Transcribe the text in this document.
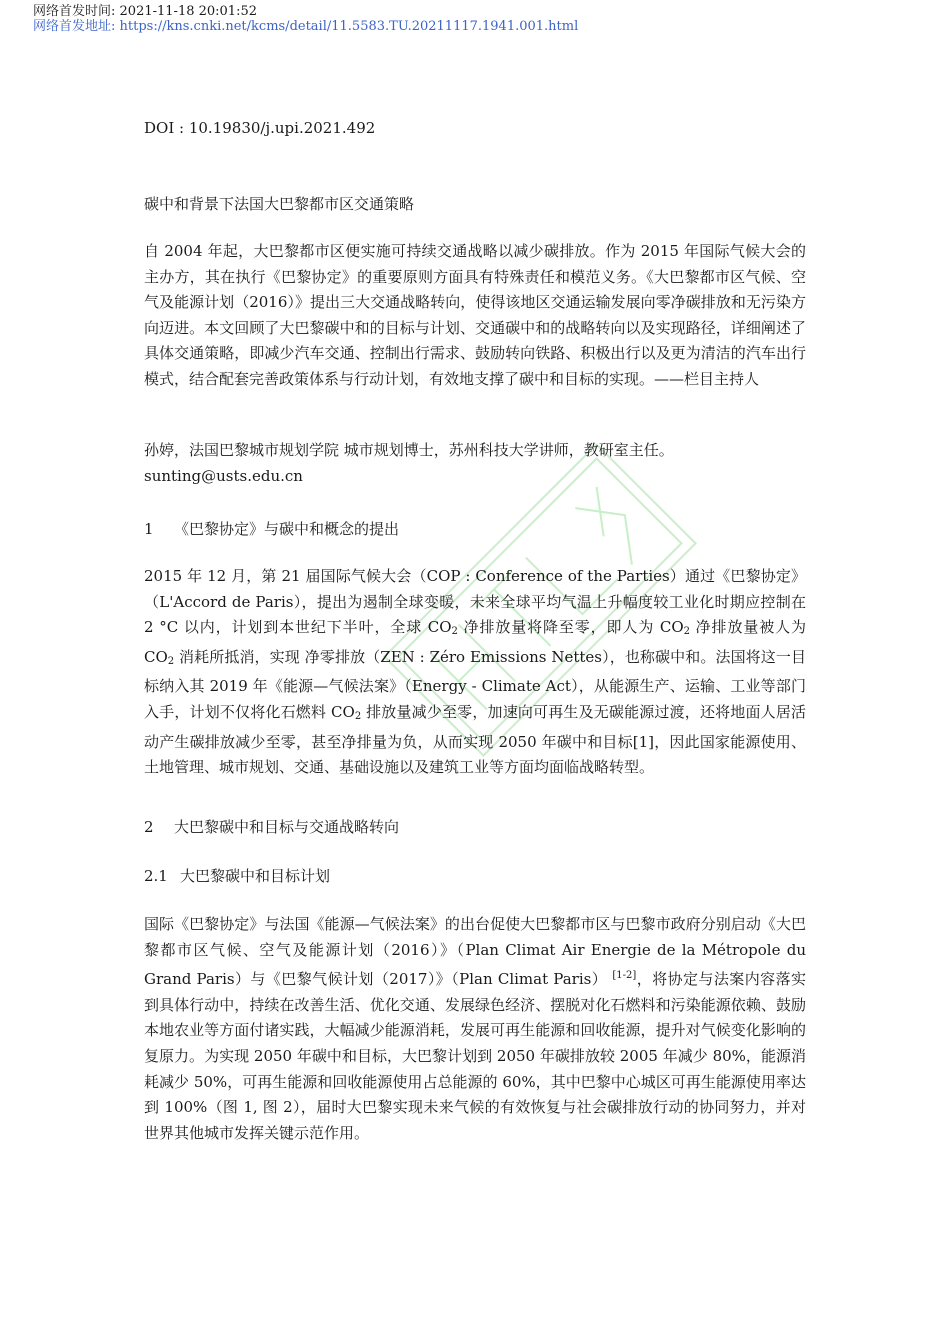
网络首发时间: 2021-11-18 20:01:52
网络首发地址: https://kns.cnki.net/kcms/detail/11.5583.TU.20211117.1941.001.html
DOI : 10.19830/j.upi.2021.492
碳中和背景下法国大巴黎都市区交通策略
自 2004 年起，大巴黎都市区便实施可持续交通战略以减少碳排放。作为 2015 年国际气候大会的主办方，其在执行《巴黎协定》的重要原则方面具有特殊责任和模范义务。《大巴黎都市区气候、空气及能源计划（2016）》提出三大交通战略转向，使得该地区交通运输发展向零净碳排放和无污染方向迈进。本文回顾了大巴黎碳中和的目标与计划、交通碳中和的战略转向以及实现路径，详细阐述了具体交通策略，即减少汽车交通、控制出行需求、鼓励转向铁路、积极出行以及更为清洁的汽车出行模式，结合配套完善政策体系与行动计划，有效地支撑了碳中和目标的实现。——栏目主持人
孙婷，法国巴黎城市规划学院 城市规划博士，苏州科技大学讲师，教研室主任。
sunting@usts.edu.cn
1 《巴黎协定》与碳中和概念的提出
2015 年 12 月，第 21 届国际气候大会（COP : Conference of the Parties）通过《巴黎协定》（L'Accord de Paris），提出为遏制全球变暖，未来全球平均气温上升幅度较工业化时期应控制在 2 °C 以内，计划到本世纪下半叶，全球 $CO_2$ 净排放量将降至零，即人为 $CO_2$ 净排放量被人为 $CO_2$ 消耗所抵消，实现 净零排放（ZEN : Zéro Emissions Nettes），也称碳中和。法国将这一目标纳入其 2019 年《能源—气候法案》（Energy - Climate Act），从能源生产、运输、工业等部门入手，计划不仅将化石燃料 $CO_2$ 排放量减少至零，加速向可再生及无碳能源过渡，还将地面人居活动产生碳排放减少至零，甚至净排量为负，从而实现 2050 年碳中和目标[1]，因此国家能源使用、土地管理、城市规划、交通、基础设施以及建筑工业等方面均面临战略转型。
2 大巴黎碳中和目标与交通战略转向
2.1 大巴黎碳中和目标计划
国际《巴黎协定》与法国《能源—气候法案》的出台促使大巴黎都市区与巴黎市政府分别启动《大巴黎都市区气候、空气及能源计划（2016）》（Plan Climat Air Energie de la Métropole du Grand Paris）与《巴黎气候计划（2017）》（Plan Climat Paris） [1-2]，将协定与法案内容落实到具体行动中，持续在改善生活、优化交通、发展绿色经济、摆脱对化石燃料和污染能源依赖、鼓励本地农业等方面付诸实践，大幅减少能源消耗，发展可再生能源和回收能源，提升对气候变化影响的复原力。为实现 2050 年碳中和目标，大巴黎计划到 2050 年碳排放较 2005 年减少 80%，能源消耗减少 50%，可再生能源和回收能源使用占总能源的 60%，其中巴黎中心城区可再生能源使用率达到 100%（图 1, 图 2），届时大巴黎实现未来气候的有效恢复与社会碳排放行动的协同努力，并对世界其他城市发挥关键示范作用。
